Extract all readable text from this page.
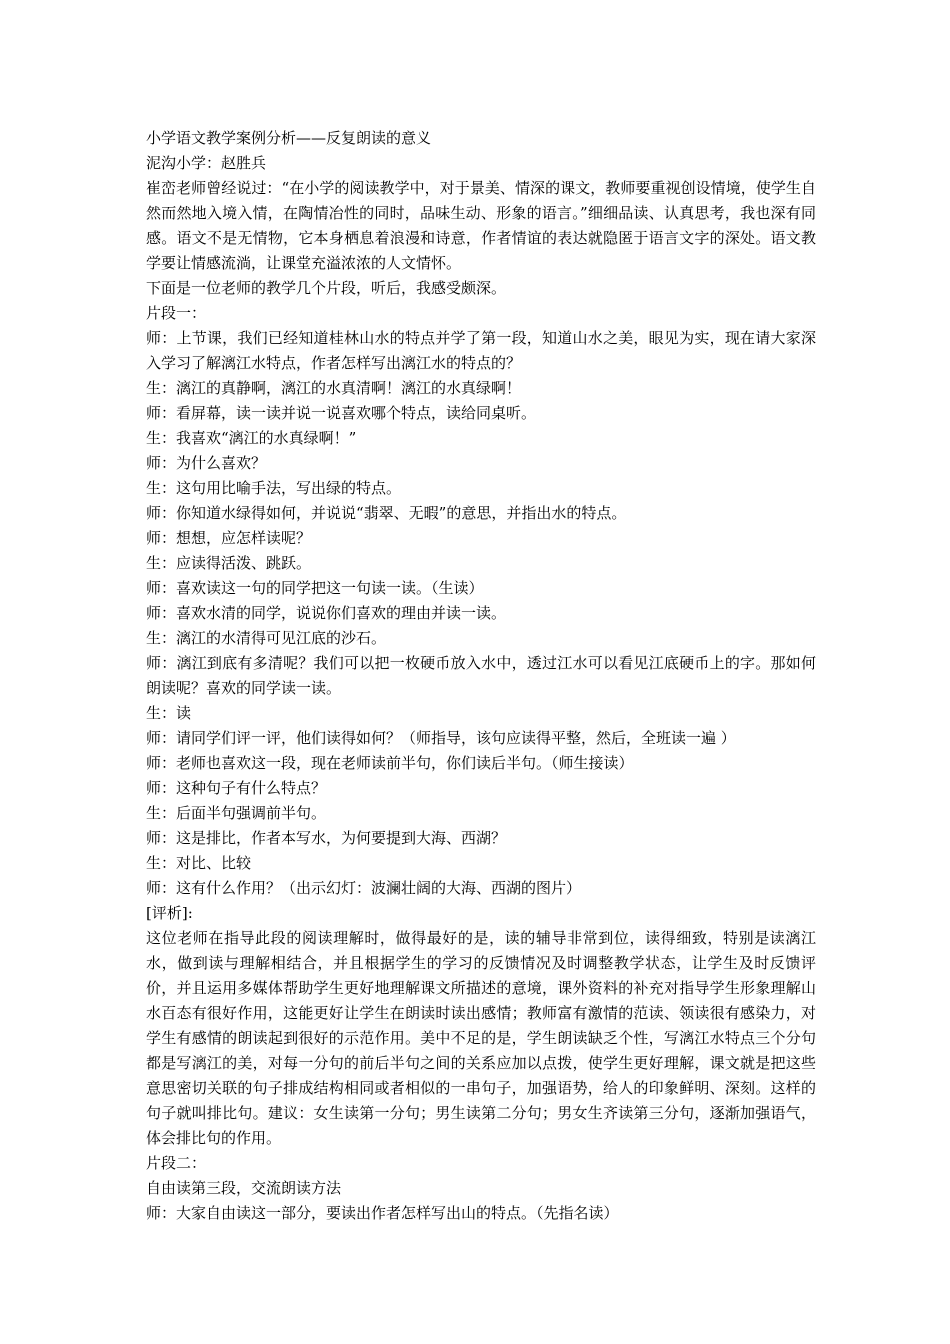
小学语文教学案例分析——反复朗读的意义

泥沟小学：赵胜兵

崔峦老师曾经说过：“在小学的阅读教学中，对于景美、情深的课文，教师要重视创设情境，使学生自然而然地入境入情，在陶情冶性的同时，品味生动、形象的语言。”细细品读、认真思考，我也深有同感。语文不是无情物，它本身栖息着浪漫和诗意，作者情谊的表达就隐匿于语言文字的深处。语文教学要让情感流淌，让课堂充溢浓浓的人文情怀。

下面是一位老师的教学几个片段，听后，我感受颇深。

片段一：

师：上节课，我们已经知道桂林山水的特点并学了第一段，知道山水之美，眼见为实，现在请大家深入学习了解漓江水特点，作者怎样写出漓江水的特点的？

生：漓江的真静啊，漓江的水真清啊！漓江的水真绿啊！

师：看屏幕，读一读并说一说喜欢哪个特点，读给同桌听。

生：我喜欢“漓江的水真绿啊！”

师：为什么喜欢？

生：这句用比喻手法，写出绿的特点。

师：你知道水绿得如何，并说说“翡翠、无暇”的意思，并指出水的特点。

师：想想，应怎样读呢？

生：应读得活泼、跳跃。

师：喜欢读这一句的同学把这一句读一读。（生读）

师：喜欢水清的同学，说说你们喜欢的理由并读一读。

生：漓江的水清得可见江底的沙石。

师：漓江到底有多清呢？我们可以把一枚硬币放入水中，透过江水可以看见江底硬币上的字。那如何朗读呢？喜欢的同学读一读。

生：读

师：请同学们评一评，他们读得如何？（师指导，该句应读得平整，然后，全班读一遍 ）

师：老师也喜欢这一段，现在老师读前半句，你们读后半句。（师生接读）

师：这种句子有什么特点？

生：后面半句强调前半句。

师：这是排比，作者本写水，为何要提到大海、西湖？

生：对比、比较

师：这有什么作用？（出示幻灯：波澜壮阔的大海、西湖的图片）

[评析]:

这位老师在指导此段的阅读理解时，做得最好的是，读的辅导非常到位，读得细致，特别是读漓江水，做到读与理解相结合，并且根据学生的学习的反馈情况及时调整教学状态，让学生及时反馈评价，并且运用多媒体帮助学生更好地理解课文所描述的意境，课外资料的补充对指导学生形象理解山水百态有很好作用，这能更好让学生在朗读时读出感情；教师富有激情的范读、领读很有感染力，对学生有感情的朗读起到很好的示范作用。美中不足的是，学生朗读缺乏个性，写漓江水特点三个分句都是写漓江的美，对每一分句的前后半句之间的关系应加以点拨，使学生更好理解，课文就是把这些意思密切关联的句子排成结构相同或者相似的一串句子，加强语势，给人的印象鲜明、深刻。这样的句子就叫排比句。建议：女生读第一分句；男生读第二分句；男女生齐读第三分句，逐渐加强语气，体会排比句的作用。

片段二：

自由读第三段，交流朗读方法

师：大家自由读这一部分，要读出作者怎样写出山的特点。（先指名读）
